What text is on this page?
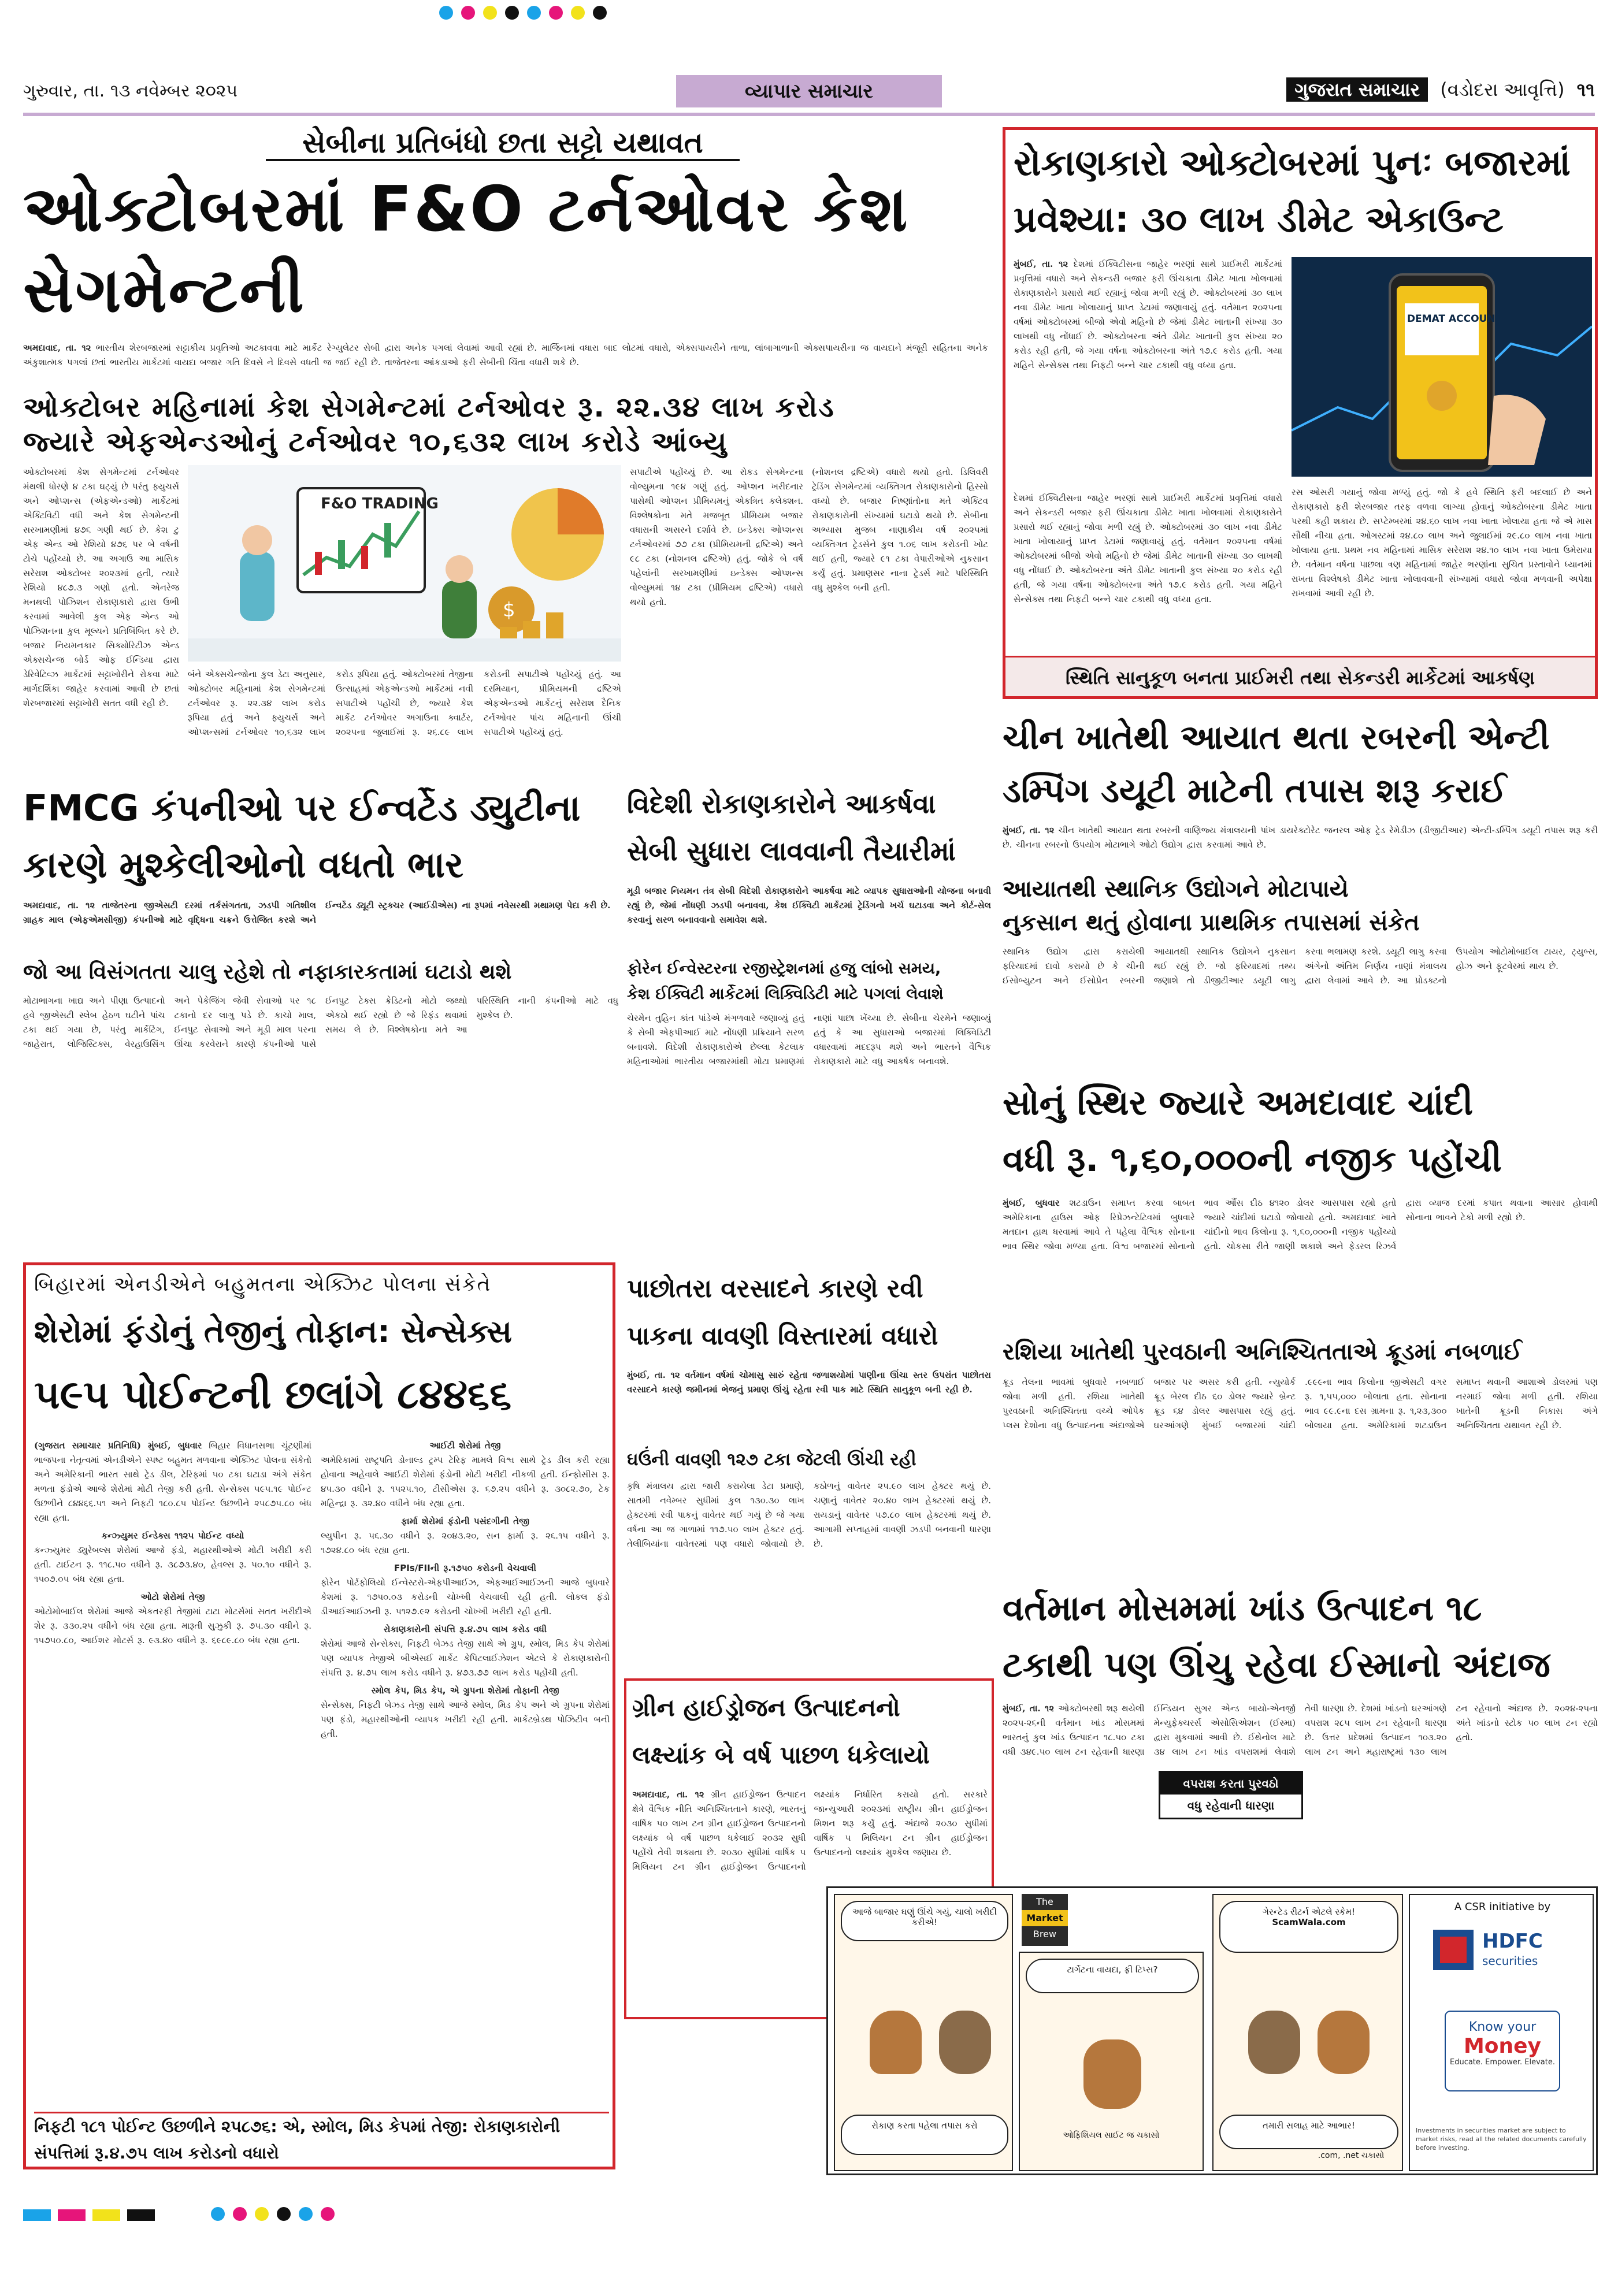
ગુરુવાર, તા. ૧૩ નવેમ્બર ૨૦૨૫	વ્યાપાર સમાચાર	ગુજરાત સમાચાર (વડોદરા આવૃત્તિ) ૧૧
સેબીના પ્રતિબંધો છતા સટ્ટો યથાવત
ઓક્ટોબરમાં F&O ટર્નઓવર કેશ સેગમેન્ટની
અમદાવાદ, તા. ૧૨ ભારતીય શેરબજારમાં સટ્ટાકીય પ્રવૃતિઓ અટકાવવા માટે માર્કેટ રેગ્યુલેટર સેબી દ્વારા અનેક પગલાં લેવામાં આવી રહ્યાં છે. માર્જિનમાં વધારા બાદ લોટમાં વધારો, એક્સપાયરીને તાળા, લાંબાગાળાની એક્સપાયરીના જ વાયદાને મંજૂરી સહિતના અનેક અંકુશાત્મક પગલાં છતાં ભારતીય માર્કેટમાં વાયદા બજાર ગતિ દિવસે ને દિવસે વધતી જ જઈ રહી છે. તાજેતરના આંકડાઓ ફરી સેબીની ચિંતા વધારી શકે છે.
ઓક્ટોબર મહિનામાં કેશ સેગમેન્ટમાં ટર્નઓવર રૂ. ૨૨.૩૪ લાખ કરોડ
જ્યારે એફએન્ડઓનું ટર્નઓવર ૧૦,૬૩૨ લાખ કરોડે આંબ્યુ
ઓક્ટોબરમાં કેશ સેગમેન્ટમાં ટર્નઓવર મંથલી ધોરણે ૪ ટકા ઘટ્યું છે પરંતુ ફ્યુચર્સ અને ઓપ્શન્સ (એફએન્ડઓ) માર્કેટમાં એક્ટિવિટી વધી અને કેશ સેગમેન્ટની સરખામણીમાં ૪૭૬ ગણી થઈ છે. કેશ ટુ એફ એન્ડ ઓ રેશિયો ૪૭૬ પર બે વર્ષની ટોચે પહોંચ્યો છે. આ અગાઉ આ માસિક સરેરાશ ઓક્ટોબર ૨૦૨૩માં હતી, ત્યારે રેશિયો ૪૮૭.૩ ગણો હતો. એનરેજ મનથલી પોઝિશન રોકાણકારો દ્વારા ઉભી કરવામાં આવેલી કુલ એફ એન્ડ ઓ પોઝિશનના કુલ મૂલ્યને પ્રતિબિંબિત કરે છે. બજાર નિયમનકાર સિક્યોરિટીઝ એન્ડ એક્સચેન્જ બોર્ડ ઓફ ઈન્ડિયા દ્વારા ડેરિવેટિવ્ઝ માર્કેટમાં સટ્ટાખોરીને રોકવા માટે માર્ગદર્શિકા જાહેર કરવામાં આવી છે છતાં શેરબજારમાં સટ્ટાખોરી સતત વધી રહી છે.
$
F&O TRADING
બંને એક્સચેન્જોના કુલ ડેટા અનુસાર, ઓક્ટોબર મહિનામાં કેશ સેગમેન્ટમાં ટર્નઓવર રૂ. ૨૨.૩૪ લાખ કરોડ રૂપિયા હતું અને ફ્યુચર્સ અને ઓપ્શન્સમાં ટર્નઓવર ૧૦,૬૩૨ લાખ કરોડ રૂપિયા હતું. ઓક્ટોબરમાં તેજીના ઉત્સાહમાં એફએન્ડઓ માર્કેટમાં નવી સપાટીએ પહોંચી છે, જ્યારે કેશ માર્કેટ ટર્નઓવર અગાઉના ક્વાર્ટર, ૨૦૨૫ના જુલાઈમાં રૂ. ૨૬.૮૯ લાખ કરોડની સપાટીએ પહોંચ્યું હતું. આ દરમિયાન, પ્રીમિયમની દ્રષ્ટિએ એફએન્ડઓ માર્કેટનું સરેરાશ દૈનિક ટર્નઓવર પાંચ મહિનાની ઊંચી સપાટીએ પહોંચ્યું હતું.
સપાટીએ પહોંચ્યું છે. આ રોકડ સેગમેન્ટના વોલ્યુમના ૧૯૪ ગણું હતું. ઓપ્શન ખરીદનાર પાસેથી ઓપ્શન પ્રીમિયમનું એકત્રિત કલેક્શન. વિશ્લેષકોના મતે મજબૂત પ્રીમિયમ બજાર વધારાની અસરને દર્શાવે છે. ઇન્ડેક્સ ઓપ્શન્સ ટર્નઓવરમાં ૭૭ ટકા (પ્રીમિયમની દ્રષ્ટિએ) અને ૯૮ ટકા (નોશનલ દ્રષ્ટિએ) હતું. જોકે બે વર્ષ પહેલાંની સરખામણીમાં ઇન્ડેક્સ ઓપ્શન્સ વોલ્યુમમાં ૧૪ ટકા (પ્રીમિયમ દ્રષ્ટિએ) વધારો થયો હતો.
(નોશનલ દ્રષ્ટિએ) વધારો થયો હતો. ડિલિવરી ટ્રેડિંગ સેગમેન્ટમાં વ્યક્તિગત રોકાણકારોનો હિસ્સો વધ્યો છે. બજાર નિષ્ણાંતોના મતે એક્ટિવ રોકાણકારોની સંખ્યામાં ઘટાડો થયો છે. સેબીના અભ્યાસ મુજબ નાણાકીય વર્ષ ૨૦૨૫માં વ્યક્તિગત ટ્રેડર્સને કુલ ૧.૦૬ લાખ કરોડની ખોટ થઈ હતી, જ્યારે ૯૧ ટકા વેપારીઓએ નુકસાન કર્યું હતું. પ્રમાણસર નાના ટ્રેડર્સ માટે પરિસ્થિતિ વધુ મુશ્કેલ બની હતી.
રોકાણકારો ઓક્ટોબરમાં પુનઃ બજારમાં
પ્રવેશ્યા: ૩૦ લાખ ડીમેટ એકાઉન્ટ
મુંબઈ, તા. ૧૨ દેશમાં ઈક્વિટીસના જાહેર ભરણાં સાથે પ્રાઈમરી માર્કેટમાં પ્રવૃત્તિમાં વધારો અને સેકન્ડરી બજાર ફરી ઊંચકાતા ડીમેટ ખાતા ખોલવામાં રોકાણકારોને પ્રસારો થઈ રહ્યાનું જોવા મળી રહ્યું છે. ઓક્ટોબરમાં ૩૦ લાખ નવા ડીમેટ ખાતા ખોલાયાનું પ્રાપ્ત ડેટામાં જણાવાયું હતું. વર્તમાન ૨૦૨૫ના વર્ષમાં ઓક્ટોબરમાં બીજો એવો મહિનો છે જેમાં ડીમેટ ખાતાની સંખ્યા ૩૦ લાખથી વધુ નોંધાઈ છે. ઓક્ટોબરના અંતે ડીમેટ ખાતાની કુલ સંખ્યા ૨૦ કરોડ રહી હતી, જે ગયા વર્ષના ઓક્ટોબરના અંતે ૧૭.૯ કરોડ હતી. ગયા મહિને સેન્સેક્સ તથા નિફટી બન્ને ચાર ટકાથી વધુ વધ્યા હતા.
DEMAT ACCOUNT
રસ ઓસરી ગયાનું જોવા મળ્યું હતું. જો કે હવે સ્થિતિ ફરી બદલાઈ છે અને રોકાણકારો ફરી શેરબજાર તરફ વળવા લાગ્યા હોવાનું ઓક્ટોબરના ડીમેટ ખાતા પરથી કહી શકાય છે. સપ્ટેમ્બરમાં ૨૪.૬૦ લાખ નવા ખાતા ખોલાયા હતા જે એ માસ સૌથી નીચા હતા. ઓગસ્ટમાં ૨૪.૮૦ લાખ અને જુલાઈમાં ૨૯.૮૦ લાખ નવા ખાતા ખોલાયા હતા. પ્રથમ નવ મહિનામાં માસિક સરેરાશ ૨૪.૧૦ લાખ નવા ખાતા ઉમેરાયા છે. વર્તમાન વર્ષના પાછલા ત્રણ મહિનામાં જાહેર ભરણાંના સુચિત પ્રસ્તાવોને ધ્યાનમાં રાખતા વિશ્લેષકો ડીમેટ ખાતા ખોલાવવાની સંખ્યામાં વધારો જોવા મળવાની અપેક્ષા રાખવામાં આવી રહી છે.
દેશમાં ઈક્વિટીસના જાહેર ભરણાં સાથે પ્રાઈમરી માર્કેટમાં પ્રવૃત્તિમાં વધારો અને સેકન્ડરી બજાર ફરી ઊંચકાતા ડીમેટ ખાતા ખોલવામાં રોકાણકારોને પ્રસારો થઈ રહ્યાનું જોવા મળી રહ્યું છે. ઓક્ટોબરમાં ૩૦ લાખ નવા ડીમેટ ખાતા ખોલાયાનું પ્રાપ્ત ડેટામાં જણાવાયું હતું. વર્તમાન ૨૦૨૫ના વર્ષમાં ઓક્ટોબરમાં બીજો એવો મહિનો છે જેમાં ડીમેટ ખાતાની સંખ્યા ૩૦ લાખથી વધુ નોંધાઈ છે. ઓક્ટોબરના અંતે ડીમેટ ખાતાની કુલ સંખ્યા ૨૦ કરોડ રહી હતી, જે ગયા વર્ષના ઓક્ટોબરના અંતે ૧૭.૯ કરોડ હતી. ગયા મહિને સેન્સેક્સ તથા નિફટી બન્ને ચાર ટકાથી વધુ વધ્યા હતા.
સ્થિતિ સાનુકૂળ બનતા પ્રાઈમરી તથા સેકન્ડરી માર્કેટમાં આકર્ષણ
ચીન ખાતેથી આયાત થતા રબરની એન્ટી
ડમ્પિંગ ડયૂટી માટેની તપાસ શરૂ કરાઈ
મુંબઈ, તા. ૧૨ ચીન ખાતેથી આયાત થતા રબરની વાણિજ્ય મંત્રાલયની પાંખ ડાયરેક્ટોરેટ જનરલ ઓફ ટ્રેડ રેમેડીઝ (ડીજીટીઆર) એન્ટી-ડમ્પિંગ ડયૂટી તપાસ શરૂ કરી છે. ચીનના રબરનો ઉપયોગ મોટાભાગે ઓટો ઉદ્યોગ દ્વારા કરવામાં આવે છે.
આયાતથી સ્થાનિક ઉદ્યોગને મોટાપાયે
નુકસાન થતું હોવાના પ્રાથમિક તપાસમાં સંકેત
સ્થાનિક ઉદ્યોગ દ્વારા કરાયેલી ફરિયાદમાં દાવો કરાયો છે કે ચીની ઈસોબ્યુટન અને ઈસોપ્રેન રબરની આયાતથી સ્થાનિક ઉદ્યોગને નુકસાન થઈ રહ્યું છે. જો ફરિયાદમાં તથ્ય જણાશે તો ડીજીટીઆર ડયૂટી લાગુ કરવા ભલામણ કરશે. ડયૂટી લાગુ કરવા અંગેનો અંતિમ નિર્ણય નાણાં મંત્રાલય દ્વારા લેવામાં આવે છે. આ પ્રોડક્ટનો ઉપયોગ ઓટોમોબાઈલ ટાયર, ટ્યુબ્સ, હોઝ અને ફૂટવેરમાં થાય છે.
સોનું સ્થિર જ્યારે અમદાવાદ ચાંદી
વધી રૂ. ૧,૬૦,૦૦૦ની નજીક પહોંચી
મુંબઈ, બુધવાર શટડાઉન સમાપ્ત કરવા બાબત અમેરિકાના હાઉસ ઓફ રિપ્રેઝન્ટેટિવમાં બુધવારે મતદાન હાથ ધરવામાં આવે તે પહેલા વૈશ્વિક સોનાના ભાવ સ્થિર જોવા મળ્યા હતા. વિશ્વ બજારમાં સોનાનો ભાવ ઔંસ દીઠ ૪૧૨૦ ડોલર આસપાસ રહ્યો હતો જ્યારે ચાંદીમાં ઘટાડો જોવાયો હતો. અમદાવાદ ખાતે ચાંદીનો ભાવ કિલોના રૂ. ૧,૬૦,૦૦૦ની નજીક પહોંચ્યો હતો. ચોકસા રીતે જાણી શકાશે અને ફેડરલ રિઝર્વ દ્વારા વ્યાજ દરમાં કપાત થવાના આસાર હોવાથી સોનાના ભાવને ટેકો મળી રહ્યો છે.
રશિયા ખાતેથી પુરવઠાની અનિશ્ચિતતાએ ક્રૂડમાં નબળાઈ
ક્રૂડ તેલના ભાવમાં બુધવારે નબળાઈ જોવા મળી હતી. રશિયા ખાતેથી પુરવઠાની અનિશ્ચિતતા વચ્ચે ઓપેક પ્લસ દેશોના વધુ ઉત્પાદનના અંદાજોએ બજાર પર અસર કરી હતી. ન્યુયોર્ક ક્રૂડ બેરલ દીઠ ૬૦ ડોલર જ્યારે બ્રેન્ટ ક્રૂડ ૬૪ ડોલર આસપાસ રહ્યું હતું. ઘરઆંગણે મુંબઈ બજારમાં ચાંદી .૯૯૯ના ભાવ કિલોના જીએસટી વગર રૂ. ૧,૫૫,૦૦૦ બોલાતા હતા. સોનાના ભાવ ૯૯.૯ના દસ ગ્રામના રૂ. ૧,૨૩,૩૦૦ બોલાયા હતા. અમેરિકામાં શટડાઉન સમાપ્ત થવાની આશાએ ડોલરમાં પણ નરમાઈ જોવા મળી હતી. રશિયા ખાતેની ક્રૂડની નિકાસ અંગે અનિશ્ચિતતા યથાવત રહી છે.
વર્તમાન મોસમમાં ખાંડ ઉત્પાદન ૧૮
ટકાથી પણ ઊંચુ રહેવા ઈસ્માનો અંદાજ
મુંબઈ, તા. ૧૨ ઓક્ટોબરથી શરૂ થયેલી ૨૦૨૫-૨૬ની વર્તમાન ખાંડ મોસમમાં ભારતનું કુલ ખાંડ ઉત્પાદન ૧૮.૫૦ ટકા વધી ૩૪૯.૫૦ લાખ ટન રહેવાની ધારણા ઈન્ડિયન સુગર એન્ડ બાયો-એનર્જી મેન્યુફેક્ચરર્સ એસોસિએશન (ઈસ્મા) દ્વારા મુકવામાં આવી છે. ઈથેનોલ માટે ૩૪ લાખ ટન ખાંડ વપરાશમાં લેવાશે તેવી ધારણા છે. દેશમાં ખાંડનો ઘરઆંગણે વપરાશ ૨૮૫ લાખ ટન રહેવાની ધારણા છે. ઉત્તર પ્રદેશમાં ઉત્પાદન ૧૦૩.૨૦ લાખ ટન અને મહારાષ્ટ્રમાં ૧૩૦ લાખ ટન રહેવાનો અંદાજ છે. ૨૦૨૪-૨૫ના અંતે ખાંડનો સ્ટોક ૫૦ લાખ ટન રહ્યો હતો.
વપરાશ કરતા પુરવઠો
વધુ રહેવાની ધારણા
FMCG કંપનીઓ પર ઈન્વર્ટેડ ડ્યુટીના
કારણે મુશ્કેલીઓનો વધતો ભાર
અમદાવાદ, તા. ૧૨ તાજેતરના જીએસટી દરમાં તર્કસંગતતા, ઝડપી ગતિશીલ ગ્રાહક માલ (એફએમસીજી) કંપનીઓ માટે વૃદ્ધિના ચક્રને ઉત્તેજિત કરશે અને ઈન્વર્ટેડ ડ્યૂટી સ્ટ્રક્ચર (આઈડીએસ) ના રૂપમાં નવેસરથી મથામણ પેદા કરી છે.
જો આ વિસંગતતા ચાલુ રહેશે તો નફાકારકતામાં ઘટાડો થશે
મોટાભાગના ખાદ્ય અને પીણા ઉત્પાદનો હવે જીએસટી સ્લેબ હેઠળ ઘટીને પાંચ ટકા થઈ ગયા છે, પરંતુ માર્કેટિંગ, જાહેરાત, લોજિસ્ટિક્સ, વેરહાઉસિંગ અને પેકેજિંગ જેવી સેવાઓ પર ૧૮ ટકાનો દર લાગુ પડે છે. કાચો માલ, ઈનપુટ સેવાઓ અને મૂડી માલ પરના ઊંચા કરવેરાને કારણે કંપનીઓ પાસે ઈનપુટ ટેક્સ ક્રેડિટનો મોટો જથ્થો એકઠો થઈ રહ્યો છે જે રિફંડ થવામાં સમય લે છે. વિશ્લેષકોના મતે આ પરિસ્થિતિ નાની કંપનીઓ માટે વધુ મુશ્કેલ છે.
વિદેશી રોકાણકારોને આકર્ષવા
સેબી સુધારા લાવવાની તૈયારીમાં
મૂડી બજાર નિયમન તંત્ર સેબી વિદેશી રોકાણકારોને આકર્ષવા માટે વ્યાપક સુધારાઓની યોજના બનાવી રહ્યું છે, જેમાં નોંધણી ઝડપી બનાવવા, કેશ ઈક્વિટી માર્કેટમાં ટ્રેડિંગનો ખર્ચ ઘટાડવા અને કોર્ટ-સેલ કરવાનું સરળ બનાવવાનો સમાવેશ થશે.
ફોરેન ઈન્વેસ્ટરના રજીસ્ટ્રેશનમાં હજુ લાંબો સમય,
કેશ ઈક્વિટી માર્કેટમાં લિક્વિડિટી માટે પગલાં લેવાશે
ચેરમેન તુહિન કાંત પાંડેએ મંગળવારે જણાવ્યું હતું કે સેબી એફપીઆઈ માટે નોંધણી પ્રક્રિયાને સરળ બનાવશે. વિદેશી રોકાણકારોએ છેલ્લા કેટલાક મહિનાઓમાં ભારતીય બજારમાંથી મોટા પ્રમાણમાં નાણાં પાછા ખેંચ્યા છે. સેબીના ચેરમેને જણાવ્યું હતું કે આ સુધારાઓ બજારમાં લિક્વિડિટી વધારવામાં મદદરૂપ થશે અને ભારતને વૈશ્વિક રોકાણકારો માટે વધુ આકર્ષક બનાવશે.
બિહારમાં એનડીએને બહુમતના એક્ઝિટ પોલના સંકેતે
શેરોમાં ફંડોનું તેજીનું તોફાન: સેન્સેક્સ
૫૯૫ પોઈન્ટની છલાંગે ૮૪૪૬૬
(ગુજરાત સમાચાર પ્રતિનિધિ) મુંબઈ, બુધવાર બિહાર વિધાનસભા ચૂંટણીમાં ભાજપના નેતૃત્વમાં એનડીએને સ્પષ્ટ બહુમત મળવાના એક્ઝિટ પોલના સંકેતો અને અમેરિકાની ભારત સાથે ટ્રેડ ડીલ, ટેરિફમાં ૫૦ ટકા ઘટાડા અંગે સંકેત મળતા ફંડોએ આજે શેરોમાં મોટી તેજી કરી હતી. સેન્સેક્સ ૫૯૫.૧૯ પોઈન્ટ ઉછળીને ૮૪૪૬૬.૫૧ અને નિફટી ૧૮૦.૮૫ પોઈન્ટ ઉછળીને ૨૫૮૭૫.૮૦ બંધ રહ્યા હતા.
કન્ઝ્યુમર ઈન્ડેક્સ ૧૧૨૫ પોઈન્ટ વધ્યો
કન્ઝ્યુમર ડ્યુરેબલ્સ શેરોમાં આજે ફંડો, મહારથીઓએ મોટી ખરીદી કરી હતી. ટાઈટન રૂ. ૧૧૮.૫૦ વધીને રૂ. ૩૮૭૩.૪૦, હેવલ્સ રૂ. ૫૦.૧૦ વધીને રૂ. ૧૫૦૭.૦૫ બંધ રહ્યા હતા.
ઓટો શેરોમાં તેજી
ઓટોમોબાઈલ શેરોમાં આજે એકતરફી તેજીમાં ટાટા મોટર્સમાં સતત ખરીદીએ શેર રૂ. ૩૩૦.૨૫ વધીને બંધ રહ્યા હતા. મારૂતી સુઝુકી રૂ. ૭૫.૩૦ વધીને રૂ. ૧૫૭૫૦.૮૦, આઈશર મોટર્સ રૂ. ૯૩.૪૦ વધીને રૂ. ૬૯૮૯.૮૦ બંધ રહ્યા હતા.
આઈટી શેરોમાં તેજી
અમેરિકામાં રાષ્ટ્રપતિ ડોનાલ્ડ ટ્રમ્પ ટેરિફ મામલે વિશ્વ સાથે ટ્રેડ ડીલ કરી રહ્યા હોવાના અહેવાલે આઈટી શેરોમાં ફંડોની મોટી ખરીદી નીકળી હતી. ઈન્ફોસીસ રૂ. ૪૫.૩૦ વધીને રૂ. ૧૫૨૫.૧૦, ટીસીએસ રૂ. ૬૭.૨૫ વધીને રૂ. ૩૦૮૨.૭૦, ટેક મહિન્દ્રા રૂ. ૩૨.૪૦ વધીને બંધ રહ્યા હતા.
ફાર્મા શેરોમાં ફંડોની પસંદગીની તેજી
લ્યુપીન રૂ. ૫૬.૩૦ વધીને રૂ. ૨૦૪૩.૨૦, સન ફાર્મા રૂ. ૨૬.૧૫ વધીને રૂ. ૧૭૨૪.૮૦ બંધ રહ્યા હતા.
FPIs/FIIની રૂ.૧૭૫૦ કરોડની વેચવાલી
ફોરેન પોર્ટફોલિયો ઈન્વેસ્ટરો-એફપીઆઈઝ, એફઆઈઆઈઝની આજે બુધવારે કેશમાં રૂ. ૧૭૫૦.૦૩ કરોડની ચોખ્ખી વેચવાલી રહી હતી. લોકલ ફંડો ડીઆઈઆઈઝની રૂ. ૫૧૨૭.૯૨ કરોડની ચોખ્ખી ખરીદી રહી હતી.
રોકાણકારોની સંપત્તિ રૂ.૪.૭૫ લાખ કરોડ વધી
શેરોમાં આજે સેન્સેક્સ, નિફટી બેઝડ તેજી સાથે એ ગ્રુપ, સ્મોલ, મિડ કેપ શેરોમાં પણ વ્યાપક તેજીએ બીએસઈ માર્કેટ કેપિટલાઈઝેશન એટલે કે રોકાણકારોની સંપત્તિ રૂ. ૪.૭૫ લાખ કરોડ વધીને રૂ. ૪૭૩.૭૭ લાખ કરોડ પહોંચી હતી.
સ્મોલ કેપ, મિડ કેપ, એ ગ્રુપના શેરોમાં તોફાની તેજી
સેન્સેક્સ, નિફટી બેઝડ તેજી સાથે આજે સ્મોલ, મિડ કેપ અને એ ગ્રુપના શેરોમાં પણ ફંડો, મહારથીઓની વ્યાપક ખરીદી રહી હતી. માર્કેટબ્રેડથ પોઝિટીવ બની હતી.
નિફટી ૧૮૧ પોઈન્ટ ઉછળીને ૨૫૮૭૬: એ, સ્મોલ, મિડ કેપમાં તેજી: રોકાણકારોની સંપત્તિમાં રૂ.૪.૭૫ લાખ કરોડનો વધારો
પાછોતરા વરસાદને કારણે રવી
પાકના વાવણી વિસ્તારમાં વધારો
મુંબઈ, તા. ૧૨ વર્તમાન વર્ષમાં ચોમાસુ સારું રહેતા જળાશયોમાં પાણીના ઊંચા સ્તર ઉપરાંત પાછોતરા વરસાદને કારણે જમીનમાં ભેજનું પ્રમાણ ઊંચું રહેતા રવી પાક માટે સ્થિતિ સાનુકૂળ બની રહી છે.
ઘઉંની વાવણી ૧૨૭ ટકા જેટલી ઊંચી રહી
કૃષિ મંત્રાલય દ્વારા જારી કરાયેલા ડેટા પ્રમાણે, સાતમી નવેમ્બર સુધીમાં કુલ ૧૩૦.૩૦ લાખ હેક્ટરમાં રવી પાકનું વાવેતર થઈ ગયું છે જે ગયા વર્ષના આ જ ગાળામાં ૧૧૭.૫૦ લાખ હેક્ટર હતું. તેલીબિયાંના વાવેતરમાં પણ વધારો જોવાયો છે. કઠોળનું વાવેતર ૨૫.૯૦ લાખ હેક્ટર થયું છે. ચણાનું વાવેતર ૨૦.૪૦ લાખ હેક્ટરમાં થયું છે. રાયડાનું વાવેતર ૫૭.૮૦ લાખ હેક્ટરમાં થયું છે. આગામી સપ્તાહમાં વાવણી ઝડપી બનવાની ધારણા છે.
ગ્રીન હાઈડ્રોજન ઉત્પાદનનો
લક્ષ્યાંક બે વર્ષ પાછળ ધકેલાયો
અમદાવાદ, તા. ૧૨ ગ્રીન હાઈડ્રોજન ઉત્પાદન ક્ષેત્રે વૈશ્વિક નીતિ અનિશ્ચિતતાને કારણે, ભારતનું વાર્ષિક ૫૦ લાખ ટન ગ્રીન હાઈડ્રોજન ઉત્પાદનનો લક્ષ્યાંક બે વર્ષ પાછળ ધકેલાઈ ૨૦૩૨ સુધી પહોંચે તેવી શક્યતા છે. ૨૦૩૦ સુધીમાં વાર્ષિક ૫ મિલિયન ટન ગ્રીન હાઈડ્રોજન ઉત્પાદનનો લક્ષ્યાંક નિર્ધારિત કરાયો હતો. સરકારે જાન્યુઆરી ૨૦૨૩માં રાષ્ટ્રીય ગ્રીન હાઈડ્રોજન મિશન શરૂ કર્યું હતું. અંદાજે ૨૦૩૦ સુધીમાં વાર્ષિક ૫ મિલિયન ટન ગ્રીન હાઈડ્રોજન ઉત્પાદનનો લક્ષ્યાંક મુશ્કેલ જણાય છે.
આજે બાજાર ઘણું ઊંચે ગયું, ચાલો ખરીદી કરીએ!
રોકાણ કરતા પહેલા તપાસ કરો
The
Market
Brew
ટાર્ગેટના વાયદા, ફ્રી ટિપ્સ?
ગેરન્ટેડ રીટર્ન એટલે સ્કેમ!
ScamWala.com
તમારી સલાહ માટે આભાર!
A CSR initiative by
HDFC
securities
Know your
Money
Educate. Empower. Elevate.
Investments in securities market are subject to market risks, read all the related documents carefully before investing.
ઓફિશિયલ સાઈટ જ ચકાસો
.com, .net ચકાસો
